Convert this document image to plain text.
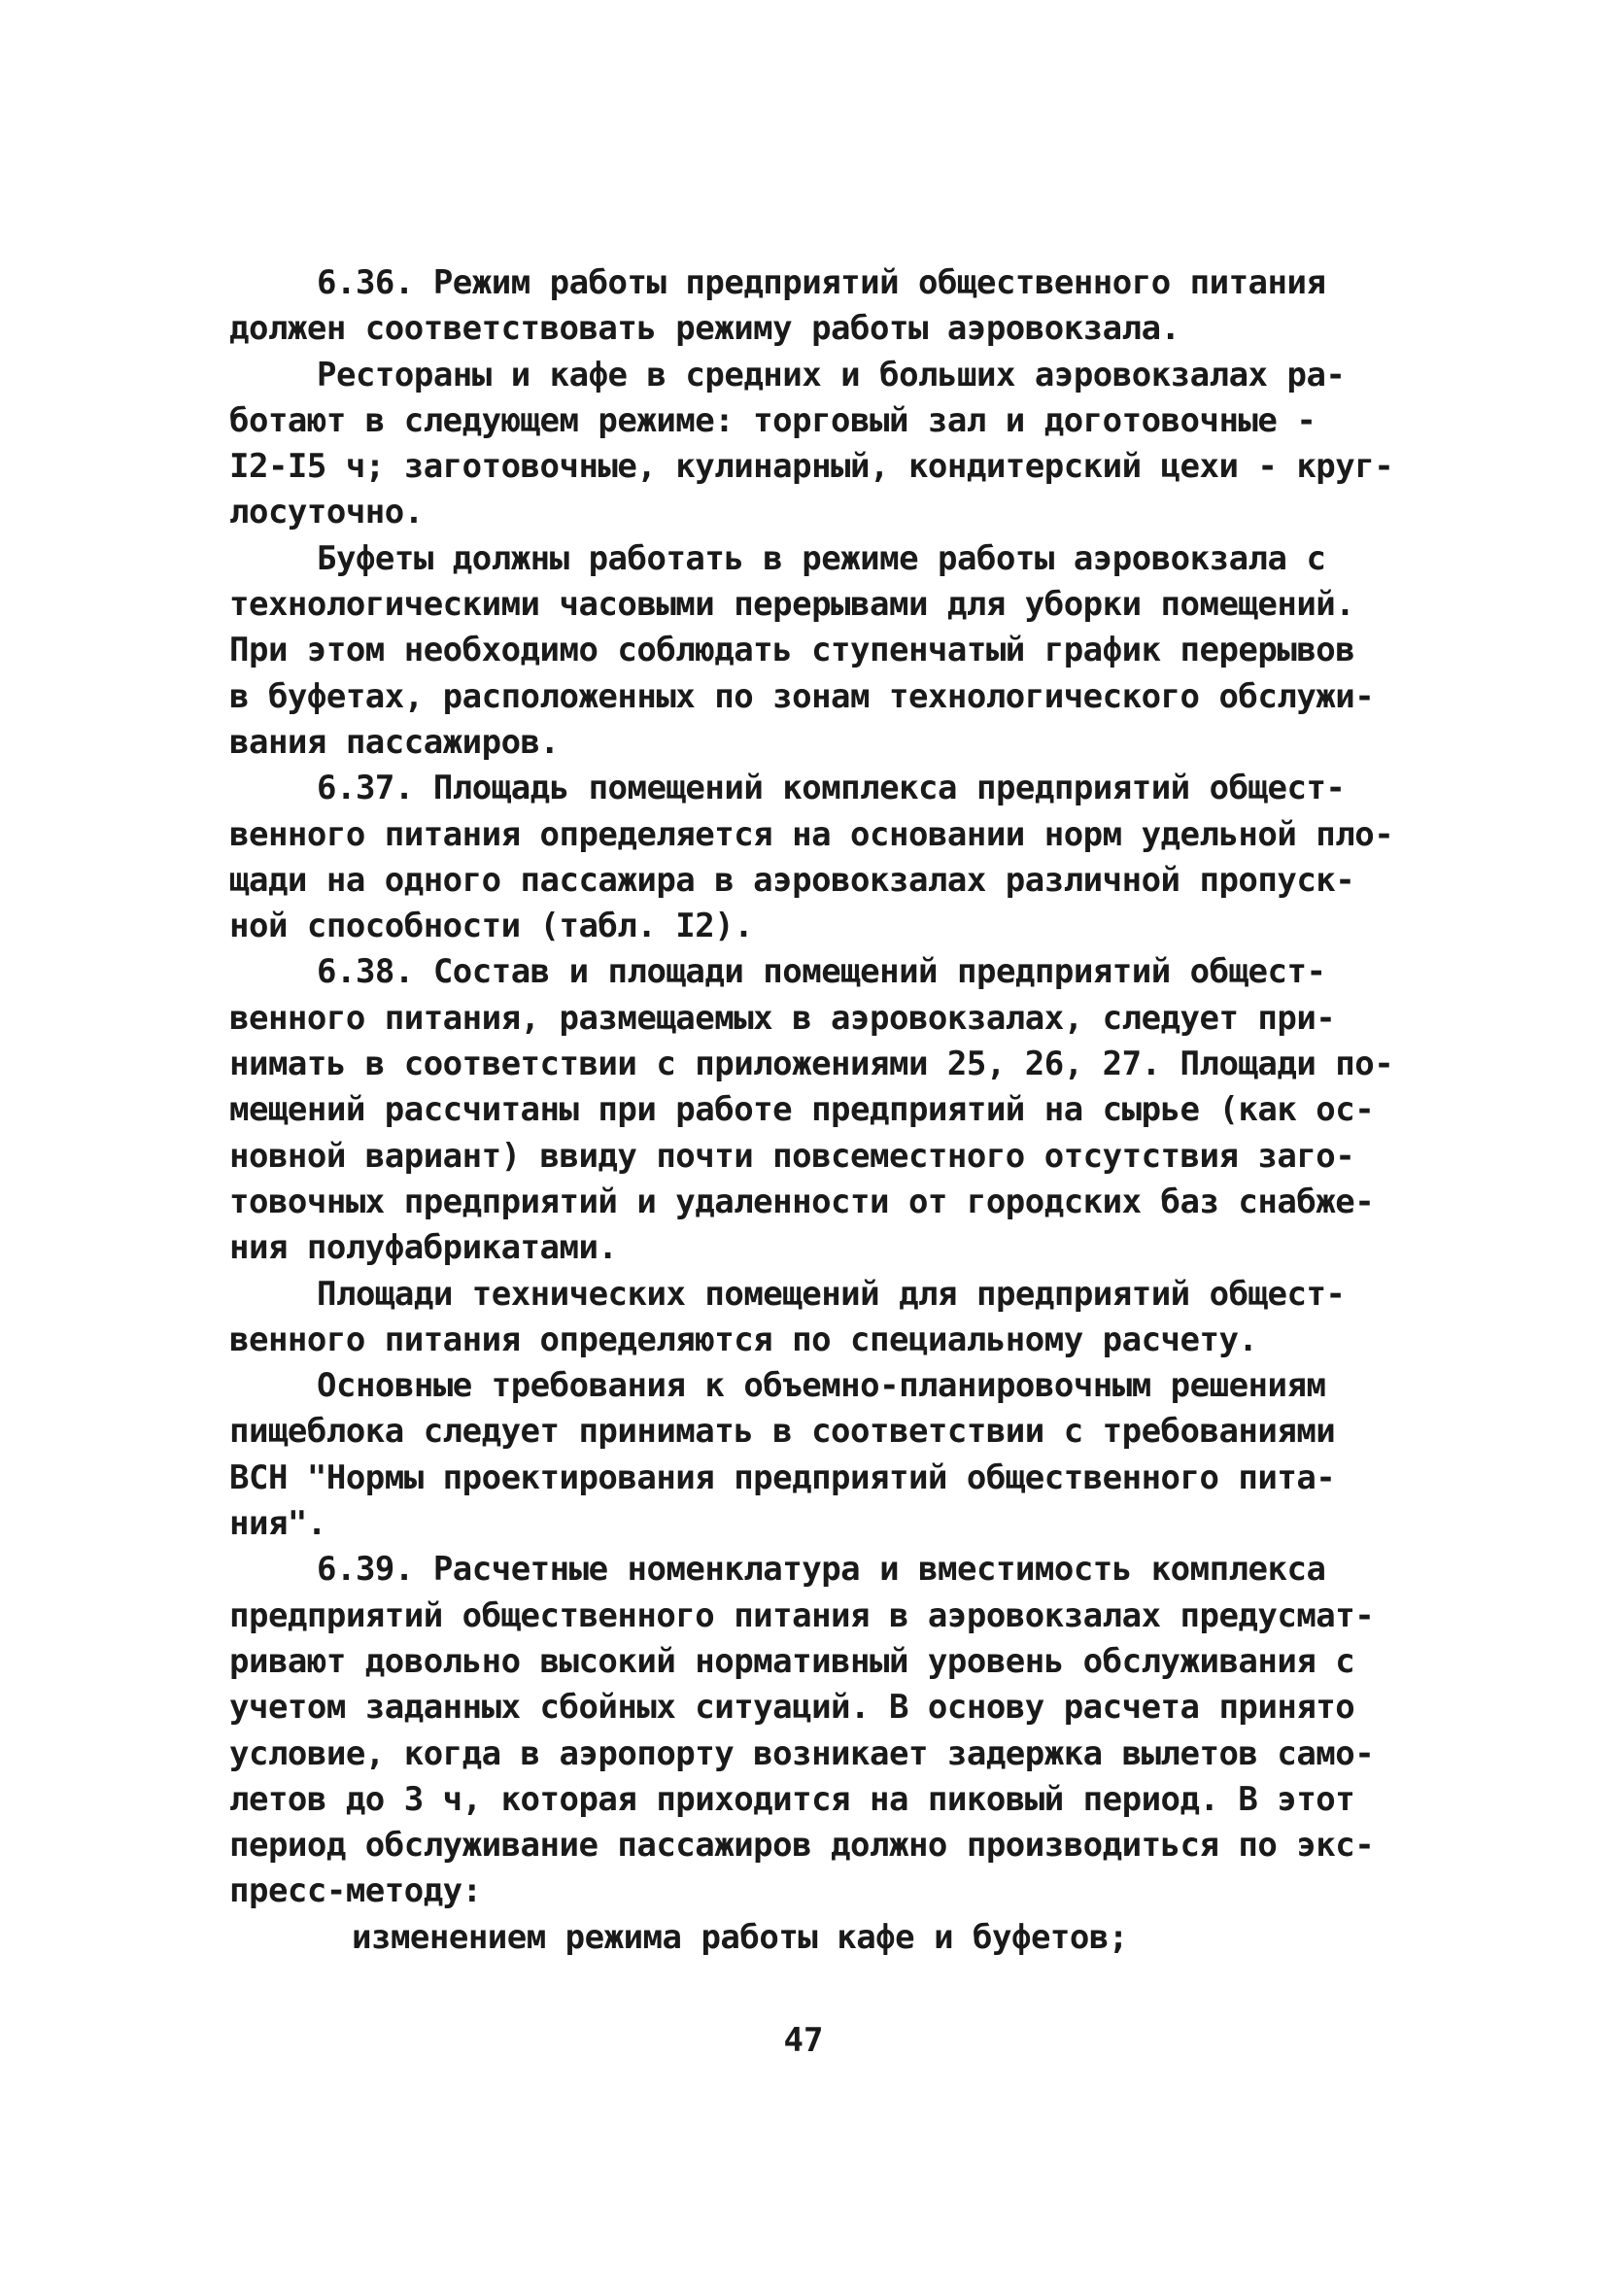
6.36. Режим работы предприятий общественного питания
должен соответствовать режиму работы аэровокзала.
Рестораны и кафе в средних и больших аэровокзалах ра-
ботают в следующем режиме: торговый зал и доготовочные -
I2-I5 ч; заготовочные, кулинарный, кондитерский цехи - круг-
лосуточно.
Буфеты должны работать в режиме работы аэровокзала с
технологическими часовыми перерывами для уборки помещений.
При этом необходимо соблюдать ступенчатый график перерывов
в буфетах, расположенных по зонам технологического обслужи-
вания пассажиров.
6.37. Площадь помещений комплекса предприятий общест-
венного питания определяется на основании норм удельной пло-
щади на одного пассажира в аэровокзалах различной пропуск-
ной способности (табл. I2).
6.38. Состав и площади помещений предприятий общест-
венного питания, размещаемых в аэровокзалах, следует при-
нимать в соответствии с приложениями 25, 26, 27. Площади по-
мещений рассчитаны при работе предприятий на сырье (как ос-
новной вариант) ввиду почти повсеместного отсутствия заго-
товочных предприятий и удаленности от городских баз снабже-
ния полуфабрикатами.
Площади технических помещений для предприятий общест-
венного питания определяются по специальному расчету.
Основные требования к объемно-планировочным решениям
пищеблока следует принимать в соответствии с требованиями
ВСН "Нормы проектирования предприятий общественного пита-
ния".
6.39. Расчетные номенклатура и вместимость комплекса
предприятий общественного питания в аэровокзалах предусмат-
ривают довольно высокий нормативный уровень обслуживания с
учетом заданных сбойных ситуаций. В основу расчета принято
условие, когда в аэропорту возникает задержка вылетов само-
летов до 3 ч, которая приходится на пиковый период. В этот
период обслуживание пассажиров должно производиться по экс-
пресс-методу:
изменением режима работы кафе и буфетов;
47
